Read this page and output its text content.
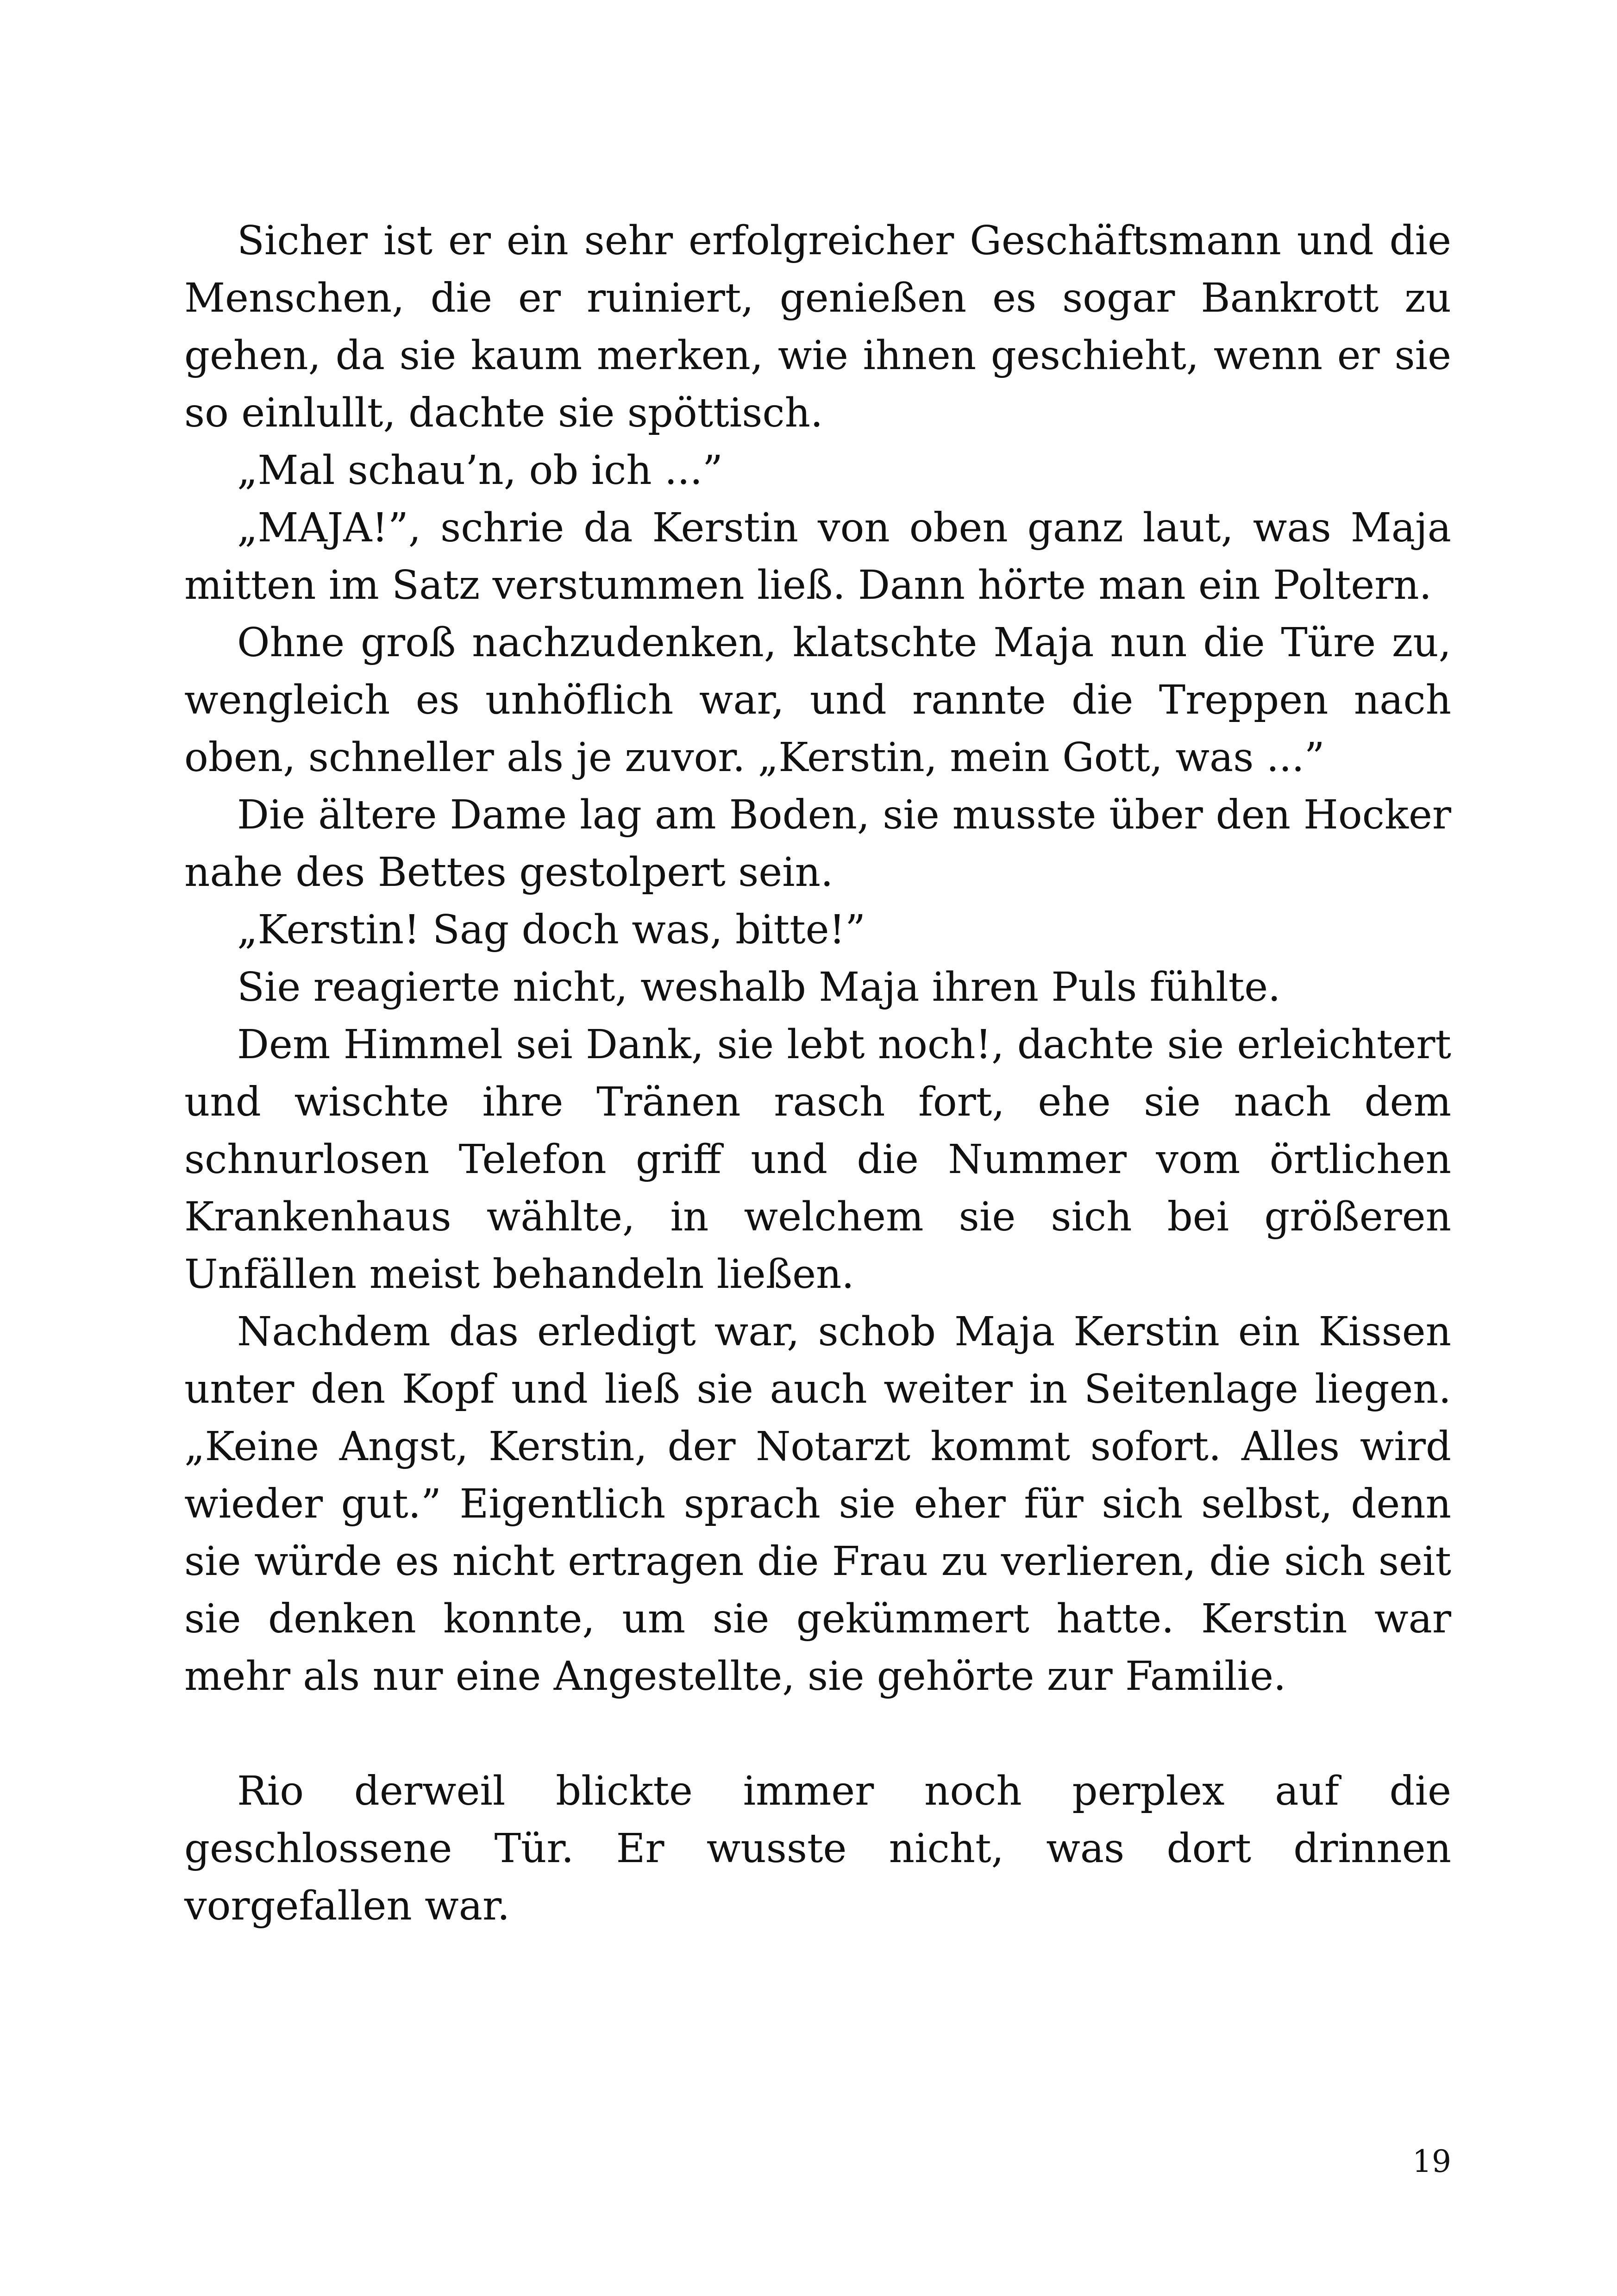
Sicher ist er ein sehr erfolgreicher Geschäftsmann und die Menschen, die er ruiniert, genießen es sogar Bankrott zu gehen, da sie kaum merken, wie ihnen geschieht, wenn er sie so einlullt, dachte sie spöttisch.

„Mal schau’n, ob ich ...”

„MAJA!”, schrie da Kerstin von oben ganz laut, was Maja mitten im Satz verstummen ließ. Dann hörte man ein Poltern.

Ohne groß nachzudenken, klatschte Maja nun die Türe zu, wengleich es unhöflich war, und rannte die Treppen nach oben, schneller als je zuvor. „Kerstin, mein Gott, was ...”

Die ältere Dame lag am Boden, sie musste über den Hocker nahe des Bettes gestolpert sein.

„Kerstin! Sag doch was, bitte!”

Sie reagierte nicht, weshalb Maja ihren Puls fühlte.

Dem Himmel sei Dank, sie lebt noch!, dachte sie erleichtert und wischte ihre Tränen rasch fort, ehe sie nach dem schnurlosen Telefon griff und die Nummer vom örtlichen Krankenhaus wählte, in welchem sie sich bei größeren Unfällen meist behandeln ließen.

Nachdem das erledigt war, schob Maja Kerstin ein Kissen unter den Kopf und ließ sie auch weiter in Seitenlage liegen. „Keine Angst, Kerstin, der Notarzt kommt sofort. Alles wird wieder gut.” Eigentlich sprach sie eher für sich selbst, denn sie würde es nicht ertragen die Frau zu verlieren, die sich seit sie denken konnte, um sie gekümmert hatte. Kerstin war mehr als nur eine Angestellte, sie gehörte zur Familie.

Rio derweil blickte immer noch perplex auf die geschlossene Tür. Er wusste nicht, was dort drinnen vorgefallen war.

19
